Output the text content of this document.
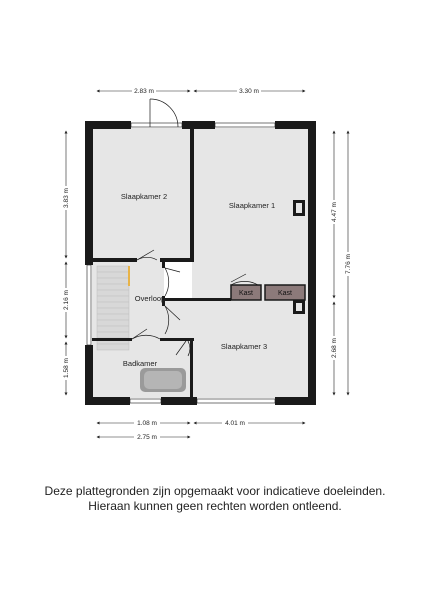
Slaapkamer 2
Slaapkamer 1
Overloop
Slaapkamer 3
Badkamer
Kast	Kast
2.83 m	3.30 m
3.83 m
2.16 m
1.58 m
4.47 m
2.68 m
7.76 m
1.08 m	4.01 m
2.75 m
Deze plattegronden zijn opgemaakt voor indicatieve doeleinden.
Hieraan kunnen geen rechten worden ontleend.
